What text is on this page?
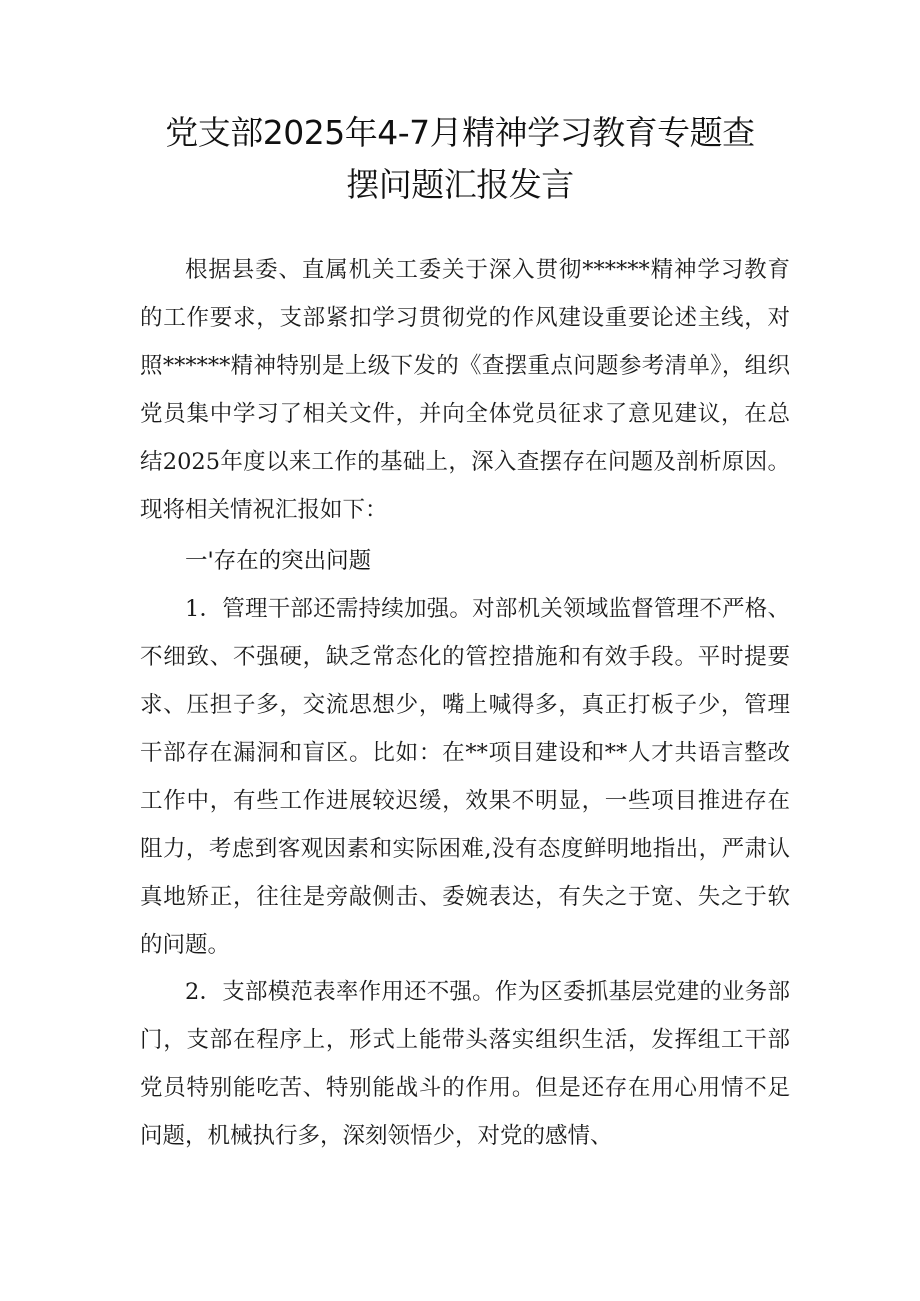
党支部2025年4-7月精神学习教育专题查
摆问题汇报发言

根据县委、直属机关工委关于深入贯彻******精神学习教育的工作要求，支部紧扣学习贯彻党的作风建设重要论述主线，对照******精神特别是上级下发的《查摆重点问题参考清单》，组织党员集中学习了相关文件，并向全体党员征求了意见建议，在总结2025年度以来工作的基础上，深入查摆存在问题及剖析原因。现将相关情祝汇报如下：

一'存在的突出问题

1．管理干部还需持续加强。对部机关领域监督管理不严格、不细致、不强硬，缺乏常态化的管控措施和有效手段。平时提要求、压担子多，交流思想少，嘴上喊得多，真正打板子少，管理干部存在漏洞和盲区。比如：在**项目建设和**人才共语言整改工作中，有些工作进展较迟缓，效果不明显，一些项目推进存在阻力，考虑到客观因素和实际困难,没有态度鲜明地指出，严肃认真地矫正，往往是旁敲侧击、委婉表达，有失之于宽、失之于软的问题。

2．支部模范表率作用还不强。作为区委抓基层党建的业务部门，支部在程序上，形式上能带头落实组织生活，发挥组工干部党员特别能吃苦、特别能战斗的作用。但是还存在用心用情不足问题，机械执行多，深刻领悟少，对党的感情、
